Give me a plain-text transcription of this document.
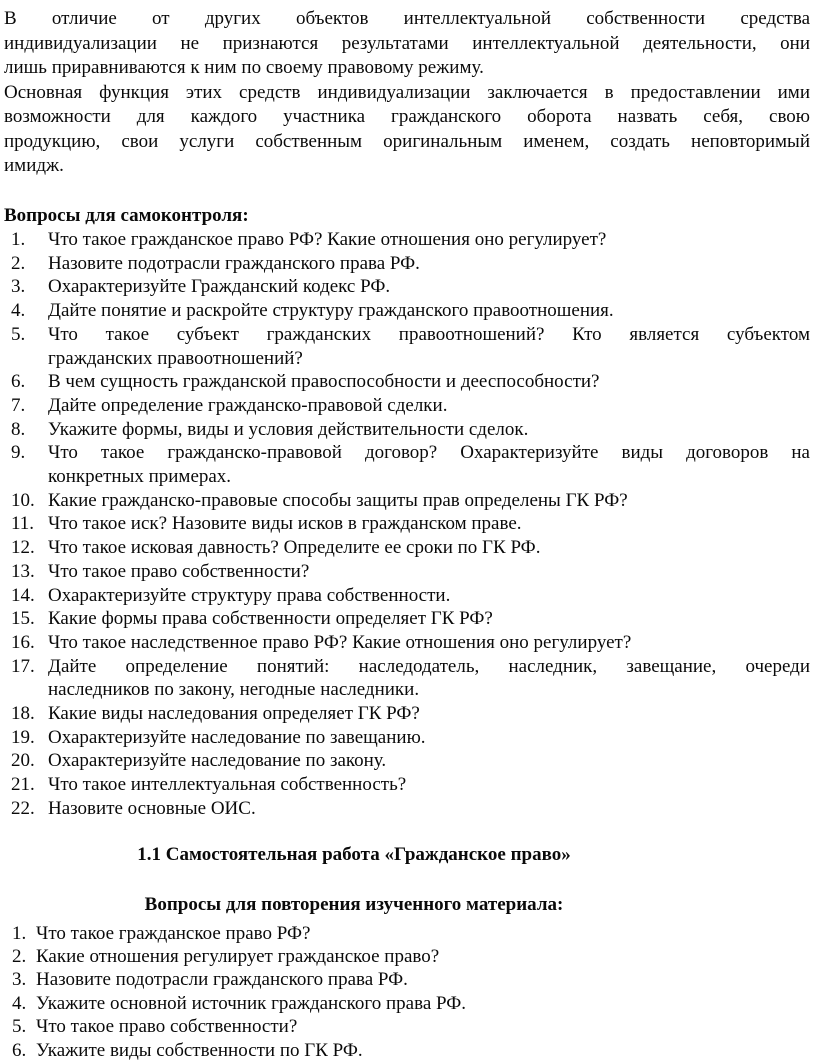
В отличие от других объектов интеллектуальной собственности средства
индивидуализации не признаются результатами интеллектуальной деятельности, они
лишь приравниваются к ним по своему правовому режиму.

Основная функция этих средств индивидуализации заключается в предоставлении ими
возможности для каждого участника гражданского оборота назвать себя, свою
продукцию, свои услуги собственным оригинальным именем, создать неповторимый
имидж.

Вопросы для самоконтроля:
1. Что такое гражданское право РФ? Какие отношения оно регулирует?
2. Назовите подотрасли гражданского права РФ.
3. Охарактеризуйте Гражданский кодекс РФ.
4. Дайте понятие и раскройте структуру гражданского правоотношения.
5. Что такое субъект гражданских правоотношений? Кто является субъектом
гражданских правоотношений?
6. В чем сущность гражданской правоспособности и дееспособности?
7. Дайте определение гражданско-правовой сделки.
8. Укажите формы, виды и условия действительности сделок.
9. Что такое гражданско-правовой договор? Охарактеризуйте виды договоров на
конкретных примерах.
10. Какие гражданско-правовые способы защиты прав определены ГК РФ?
11. Что такое иск? Назовите виды исков в гражданском праве.
12. Что такое исковая давность? Определите ее сроки по ГК РФ.
13. Что такое право собственности?
14. Охарактеризуйте структуру права собственности.
15. Какие формы права собственности определяет ГК РФ?
16. Что такое наследственное право РФ? Какие отношения оно регулирует?
17. Дайте определение понятий: наследодатель, наследник, завещание, очереди
наследников по закону, негодные наследники.
18. Какие виды наследования определяет ГК РФ?
19. Охарактеризуйте наследование по завещанию.
20. Охарактеризуйте наследование по закону.
21. Что такое интеллектуальная собственность?
22. Назовите основные ОИС.
1.1 Самостоятельная работа «Гражданское право»
Вопросы для повторения изученного материала:
1. Что такое гражданское право РФ?
2. Какие отношения регулирует гражданское право?
3. Назовите подотрасли гражданского права РФ.
4. Укажите основной источник гражданского права РФ.
5. Что такое право собственности?
6. Укажите виды собственности по ГК РФ.
